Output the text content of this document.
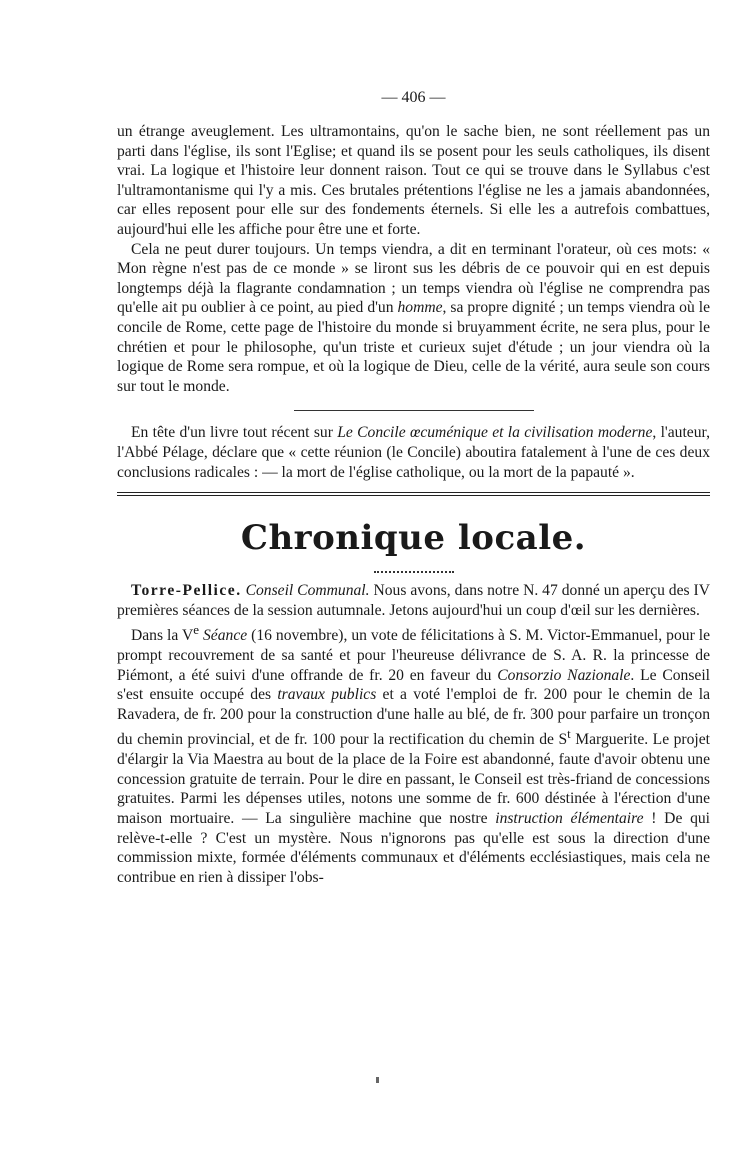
— 406 —

un étrange aveuglement. Les ultramontains, qu'on le sache bien, ne sont réellement pas un parti dans l'église, ils sont l'Eglise; et quand ils se posent pour les seuls catholiques, ils disent vrai. La logique et l'histoire leur donnent raison. Tout ce qui se trouve dans le Syllabus c'est l'ultramontanisme qui l'y a mis. Ces brutales prétentions l'église ne les a jamais abandonnées, car elles reposent pour elle sur des fondements éternels. Si elle les a autrefois combattues, aujourd'hui elle les affiche pour être une et forte.

Cela ne peut durer toujours. Un temps viendra, a dit en terminant l'orateur, où ces mots: « Mon règne n'est pas de ce monde » se liront sus les débris de ce pouvoir qui en est depuis longtemps déjà la flagrante condamnation ; un temps viendra où l'église ne comprendra pas qu'elle ait pu oublier à ce point, au pied d'un homme, sa propre dignité ; un temps viendra où le concile de Rome, cette page de l'histoire du monde si bruyamment écrite, ne sera plus, pour le chrétien et pour le philosophe, qu'un triste et curieux sujet d'étude ; un jour viendra où la logique de Rome sera rompue, et où la logique de Dieu, celle de la vérité, aura seule son cours sur tout le monde.

En tête d'un livre tout récent sur Le Concile œcuménique et la civilisation moderne, l'auteur, l'Abbé Pélage, déclare que « cette réunion (le Concile) aboutira fatalement à l'une de ces deux conclusions radicales : — la mort de l'église catholique, ou la mort de la papauté ».

Chronique locale.

Torre-Pellice. Conseil Communal. Nous avons, dans notre N. 47 donné un aperçu des IV premières séances de la session autumnale. Jetons aujourd'hui un coup d'œil sur les dernières.

Dans la Ve Séance (16 novembre), un vote de félicitations à S. M. Victor-Emmanuel, pour le prompt recouvrement de sa santé et pour l'heureuse délivrance de S. A. R. la princesse de Piémont, a été suivi d'une offrande de fr. 20 en faveur du Consorzio Nazionale. Le Conseil s'est ensuite occupé des travaux publics et a voté l'emploi de fr. 200 pour le chemin de la Ravadera, de fr. 200 pour la construction d'une halle au blé, de fr. 300 pour parfaire un tronçon du chemin provincial, et de fr. 100 pour la rectification du chemin de $S^t$ Marguerite. Le projet d'élargir la Via Maestra au bout de la place de la Foire est abandonné, faute d'avoir obtenu une concession gratuite de terrain. Pour le dire en passant, le Conseil est très-friand de concessions gratuites. Parmi les dépenses utiles, notons une somme de fr. 600 déstinée à l'érection d'une maison mortuaire. — La singulière machine que nostre instruction élémentaire ! De qui relève-t-elle ? C'est un mystère. Nous n'ignorons pas qu'elle est sous la direction d'une commission mixte, formée d'éléments communaux et d'éléments ecclésiastiques, mais cela ne contribue en rien à dissiper l'obs-
